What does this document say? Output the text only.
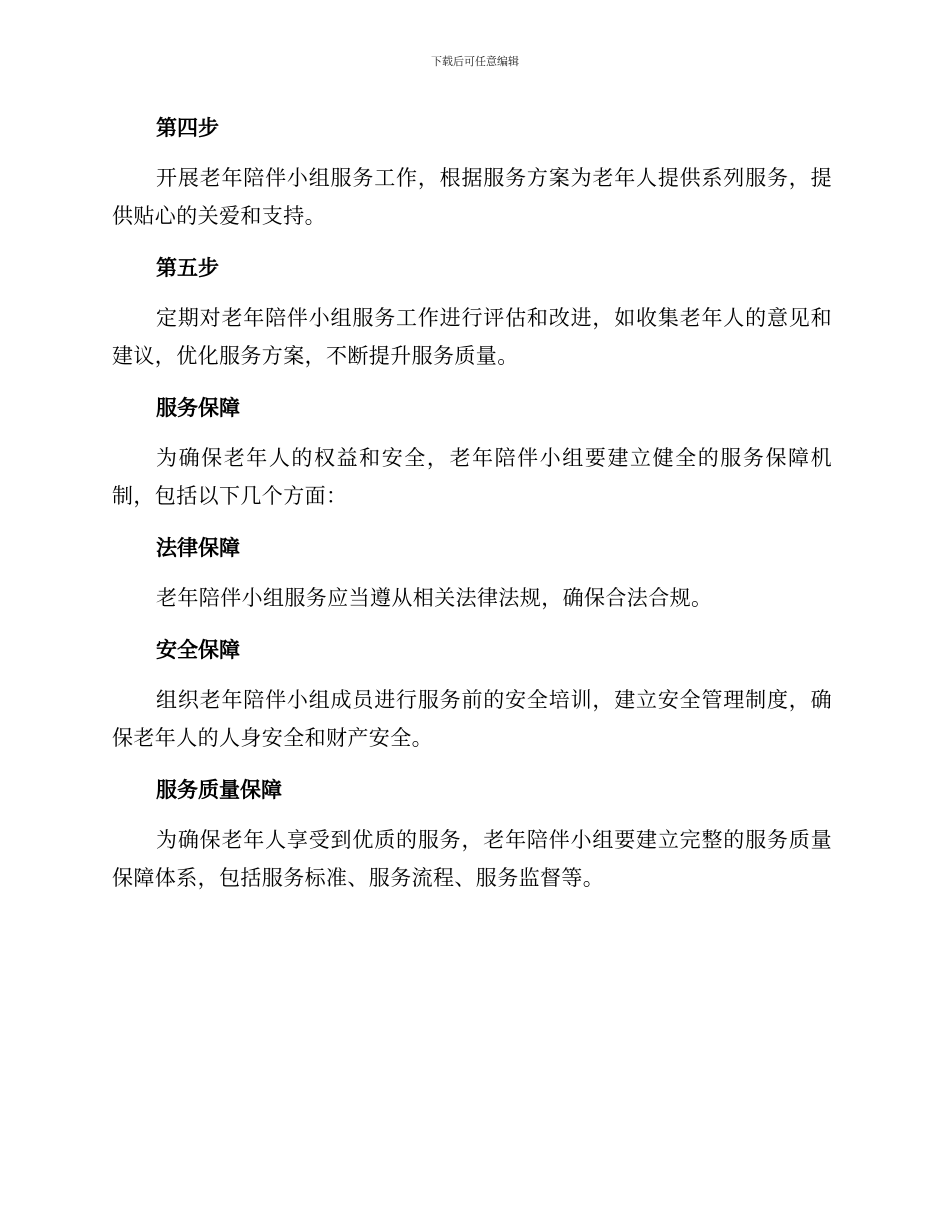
下载后可任意编辑
第四步

开展老年陪伴小组服务工作，根据服务方案为老年人提供系列服务，提供贴心的关爱和支持。

第五步

定期对老年陪伴小组服务工作进行评估和改进，如收集老年人的意见和建议，优化服务方案，不断提升服务质量。

服务保障

为确保老年人的权益和安全，老年陪伴小组要建立健全的服务保障机制，包括以下几个方面：

法律保障

老年陪伴小组服务应当遵从相关法律法规，确保合法合规。

安全保障

组织老年陪伴小组成员进行服务前的安全培训，建立安全管理制度，确保老年人的人身安全和财产安全。

服务质量保障

为确保老年人享受到优质的服务，老年陪伴小组要建立完整的服务质量保障体系，包括服务标准、服务流程、服务监督等。
